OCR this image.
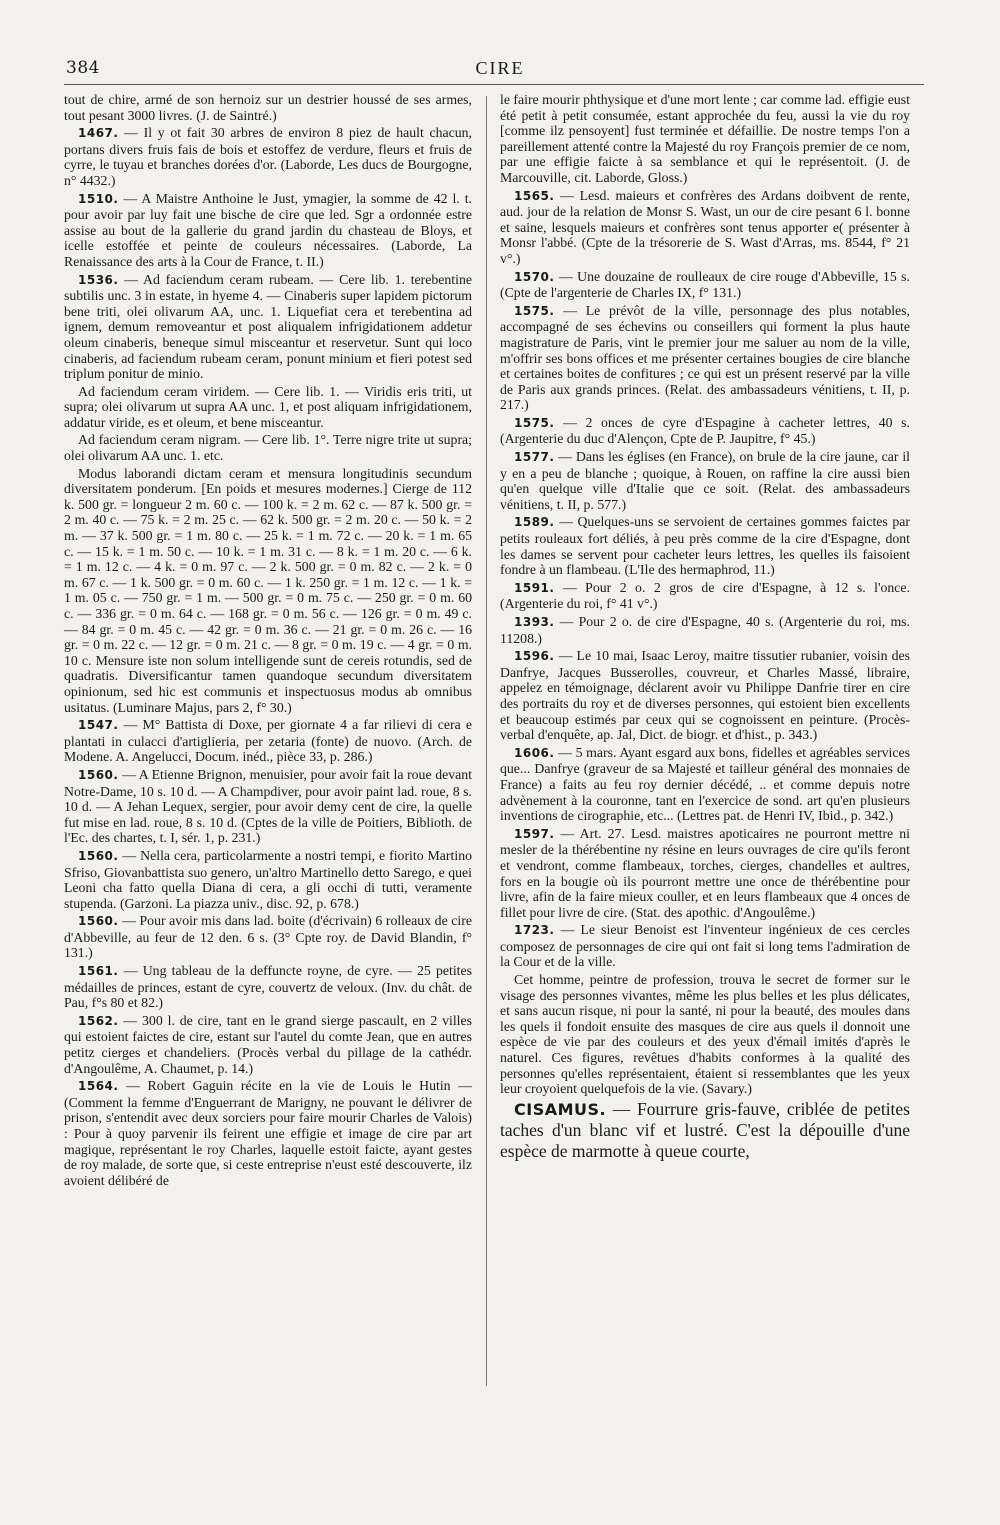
384	CIRE

tout de chire, armé de son hernoiz sur un destrier houssé de ses armes, tout pesant 3000 livres. (J. de Saintré.)

1467. — Il y ot fait 30 arbres de environ 8 piez de hault chacun, portans divers fruis fais de bois et estoffez de verdure, fleurs et fruis de cyrre, le tuyau et branches dorées d'or. (Laborde, Les ducs de Bourgogne, n° 4432.)

1510. — A Maistre Anthoine le Just, ymagier, la somme de 42 l. t. pour avoir par luy fait une bische de cire que led. Sgr a ordonnée estre assise au bout de la gallerie du grand jardin du chasteau de Bloys, et icelle estoffée et peinte de couleurs nécessaires. (Laborde, La Renaissance des arts à la Cour de France, t. II.)

1536. — Ad faciendum ceram rubeam. — Cere lib. 1. terebentine subtilis unc. 3 in estate, in hyeme 4. — Cinaberis super lapidem pictorum bene triti, olei olivarum AA, unc. 1. Liquefiat cera et terebentina ad ignem, demum removeantur et post aliqualem infrigidationem addetur oleum cinaberis, beneque simul misceantur et reservetur. Sunt qui loco cinaberis, ad faciendum rubeam ceram, ponunt minium et fieri potest sed triplum ponitur de minio.

Ad faciendum ceram viridem. — Cere lib. 1. — Viridis eris triti, ut supra; olei olivarum ut supra AA unc. 1, et post aliquam infrigidationem, addatur viride, es et oleum, et bene misceantur.

Ad faciendum ceram nigram. — Cere lib. 1°. Terre nigre trite ut supra; olei olivarum AA unc. 1. etc.

Modus laborandi dictam ceram et mensura longitudinis secundum diversitatem ponderum. [En poids et mesures modernes.] Cierge de 112 k. 500 gr. = longueur 2 m. 60 c. — 100 k. = 2 m. 62 c. — 87 k. 500 gr. = 2 m. 40 c. — 75 k. = 2 m. 25 c. — 62 k. 500 gr. = 2 m. 20 c. — 50 k. = 2 m. — 37 k. 500 gr. = 1 m. 80 c. — 25 k. = 1 m. 72 c. — 20 k. = 1 m. 65 c. — 15 k. = 1 m. 50 c. — 10 k. = 1 m. 31 c. — 8 k. = 1 m. 20 c. — 6 k. = 1 m. 12 c. — 4 k. = 0 m. 97 c. — 2 k. 500 gr. = 0 m. 82 c. — 2 k. = 0 m. 67 c. — 1 k. 500 gr. = 0 m. 60 c. — 1 k. 250 gr. = 1 m. 12 c. — 1 k. = 1 m. 05 c. — 750 gr. = 1 m. — 500 gr. = 0 m. 75 c. — 250 gr. = 0 m. 60 c. — 336 gr. = 0 m. 64 c. — 168 gr. = 0 m. 56 c. — 126 gr. = 0 m. 49 c. — 84 gr. = 0 m. 45 c. — 42 gr. = 0 m. 36 c. — 21 gr. = 0 m. 26 c. — 16 gr. = 0 m. 22 c. — 12 gr. = 0 m. 21 c. — 8 gr. = 0 m. 19 c. — 4 gr. = 0 m. 10 c. Mensure iste non solum intelligende sunt de cereis rotundis, sed de quadratis. Diversificantur tamen quandoque secundum diversitatem opinionum, sed hic est communis et inspectuosus modus ab omnibus usitatus. (Luminare Majus, pars 2, f° 30.)

1547. — M° Battista di Doxe, per giornate 4 a far rilievi di cera e plantati in culacci d'artiglieria, per zetaria (fonte) de nuovo. (Arch. de Modene. A. Angelucci, Docum. inéd., pièce 33, p. 286.)

1560. — A Etienne Brignon, menuisier, pour avoir fait la roue devant Notre-Dame, 10 s. 10 d. — A Champdiver, pour avoir paint lad. roue, 8 s. 10 d. — A Jehan Lequex, sergier, pour avoir demy cent de cire, la quelle fut mise en lad. roue, 8 s. 10 d. (Cptes de la ville de Poitiers, Biblioth. de l'Ec. des chartes, t. I, sér. 1, p. 231.)

1560. — Nella cera, particolarmente a nostri tempi, e fiorito Martino Sfriso, Giovanbattista suo genero, un'altro Martinello detto Sarego, e quei Leoni cha fatto quella Diana di cera, a gli occhi di tutti, veramente stupenda. (Garzoni. La piazza univ., disc. 92, p. 678.)

1560. — Pour avoir mis dans lad. boite (d'écrivain) 6 rolleaux de cire d'Abbeville, au feur de 12 den. 6 s. (3° Cpte roy. de David Blandin, f° 131.)

1561. — Ung tableau de la deffuncte royne, de cyre. — 25 petites médailles de princes, estant de cyre, couvertz de veloux. (Inv. du chât. de Pau, f°s 80 et 82.)

1562. — 300 l. de cire, tant en le grand sierge pascault, en 2 villes qui estoient faictes de cire, estant sur l'autel du comte Jean, que en autres petitz cierges et chandeliers. (Procès verbal du pillage de la cathédr. d'Angoulême, A. Chaumet, p. 14.)

1564. — Robert Gaguin récite en la vie de Louis le Hutin — (Comment la femme d'Enguerrant de Marigny, ne pouvant le délivrer de prison, s'entendit avec deux sorciers pour faire mourir Charles de Valois) : Pour à quoy parvenir ils feirent une effigie et image de cire par art magique, représentant le roy Charles, laquelle estoit faicte, ayant gestes de roy malade, de sorte que, si ceste entreprise n'eust esté descouverte, ilz avoient délibéré de

le faire mourir phthysique et d'une mort lente ; car comme lad. effigie eust été petit à petit consumée, estant approchée du feu, aussi la vie du roy [comme ilz pensoyent] fust terminée et défaillie. De nostre temps l'on a pareillement attenté contre la Majesté du roy François premier de ce nom, par une effigie faicte à sa semblance et qui le représentoit. (J. de Marcouville, cit. Laborde, Gloss.)

1565. — Lesd. maieurs et confrères des Ardans doibvent de rente, aud. jour de la relation de Monsr S. Wast, un our de cire pesant 6 l. bonne et saine, lesquels maieurs et confrères sont tenus apporter e( présenter à Monsr l'abbé. (Cpte de la trésorerie de S. Wast d'Arras, ms. 8544, f° 21 v°.)

1570. — Une douzaine de roulleaux de cire rouge d'Abbeville, 15 s. (Cpte de l'argenterie de Charles IX, f° 131.)

1575. — Le prévôt de la ville, personnage des plus notables, accompagné de ses échevins ou conseillers qui forment la plus haute magistrature de Paris, vint le premier jour me saluer au nom de la ville, m'offrir ses bons offices et me présenter certaines bougies de cire blanche et certaines boites de confitures ; ce qui est un présent reservé par la ville de Paris aux grands princes. (Relat. des ambassadeurs vénitiens, t. II, p. 217.)

1575. — 2 onces de cyre d'Espagine à cacheter lettres, 40 s. (Argenterie du duc d'Alençon, Cpte de P. Jaupitre, f° 45.)

1577. — Dans les églises (en France), on brule de la cire jaune, car il y en a peu de blanche ; quoique, à Rouen, on raffine la cire aussi bien qu'en quelque ville d'Italie que ce soit. (Relat. des ambassadeurs vénitiens, t. II, p. 577.)

1589. — Quelques-uns se servoient de certaines gommes faictes par petits rouleaux fort déliés, à peu près comme de la cire d'Espagne, dont les dames se servent pour cacheter leurs lettres, les quelles ils faisoient fondre à un flambeau. (L'Ile des hermaphrod, 11.)

1591. — Pour 2 o. 2 gros de cire d'Espagne, à 12 s. l'once. (Argenterie du roi, f° 41 v°.)

1393. — Pour 2 o. de cire d'Espagne, 40 s. (Argenterie du roi, ms. 11208.)

1596. — Le 10 mai, Isaac Leroy, maitre tissutier rubanier, voisin des Danfrye, Jacques Busserolles, couvreur, et Charles Massé, libraire, appelez en témoignage, déclarent avoir vu Philippe Danfrie tirer en cire des portraits du roy et de diverses personnes, qui estoient bien excellents et beaucoup estimés par ceux qui se cognoissent en peinture. (Procès-verbal d'enquête, ap. Jal, Dict. de biogr. et d'hist., p. 343.)

1606. — 5 mars. Ayant esgard aux bons, fidelles et agréables services que... Danfrye (graveur de sa Majesté et tailleur général des monnaies de France) a faits au feu roy dernier décédé, .. et comme depuis notre advènement à la couronne, tant en l'exercice de sond. art qu'en plusieurs inventions de cirographie, etc... (Lettres pat. de Henri IV, Ibid., p. 342.)

1597. — Art. 27. Lesd. maistres apoticaires ne pourront mettre ni mesler de la thérébentine ny résine en leurs ouvrages de cire qu'ils feront et vendront, comme flambeaux, torches, cierges, chandelles et aultres, fors en la bougie où ils pourront mettre une once de thérébentine pour livre, afin de la faire mieux couller, et en leurs flambeaux que 4 onces de fillet pour livre de cire. (Stat. des apothic. d'Angoulême.)

1723. — Le sieur Benoist est l'inventeur ingénieux de ces cercles composez de personnages de cire qui ont fait si long tems l'admiration de la Cour et de la ville.

Cet homme, peintre de profession, trouva le secret de former sur le visage des personnes vivantes, même les plus belles et les plus délicates, et sans aucun risque, ni pour la santé, ni pour la beauté, des moules dans les quels il fondoit ensuite des masques de cire aus quels il donnoit une espèce de vie par des couleurs et des yeux d'émail imités d'après le naturel. Ces figures, revêtues d'habits conformes à la qualité des personnes qu'elles représentaient, étaient si ressemblantes que les yeux leur croyoient quelquefois de la vie. (Savary.)

CISAMUS. — Fourrure gris-fauve, criblée de petites taches d'un blanc vif et lustré. C'est la dépouille d'une espèce de marmotte à queue courte,
